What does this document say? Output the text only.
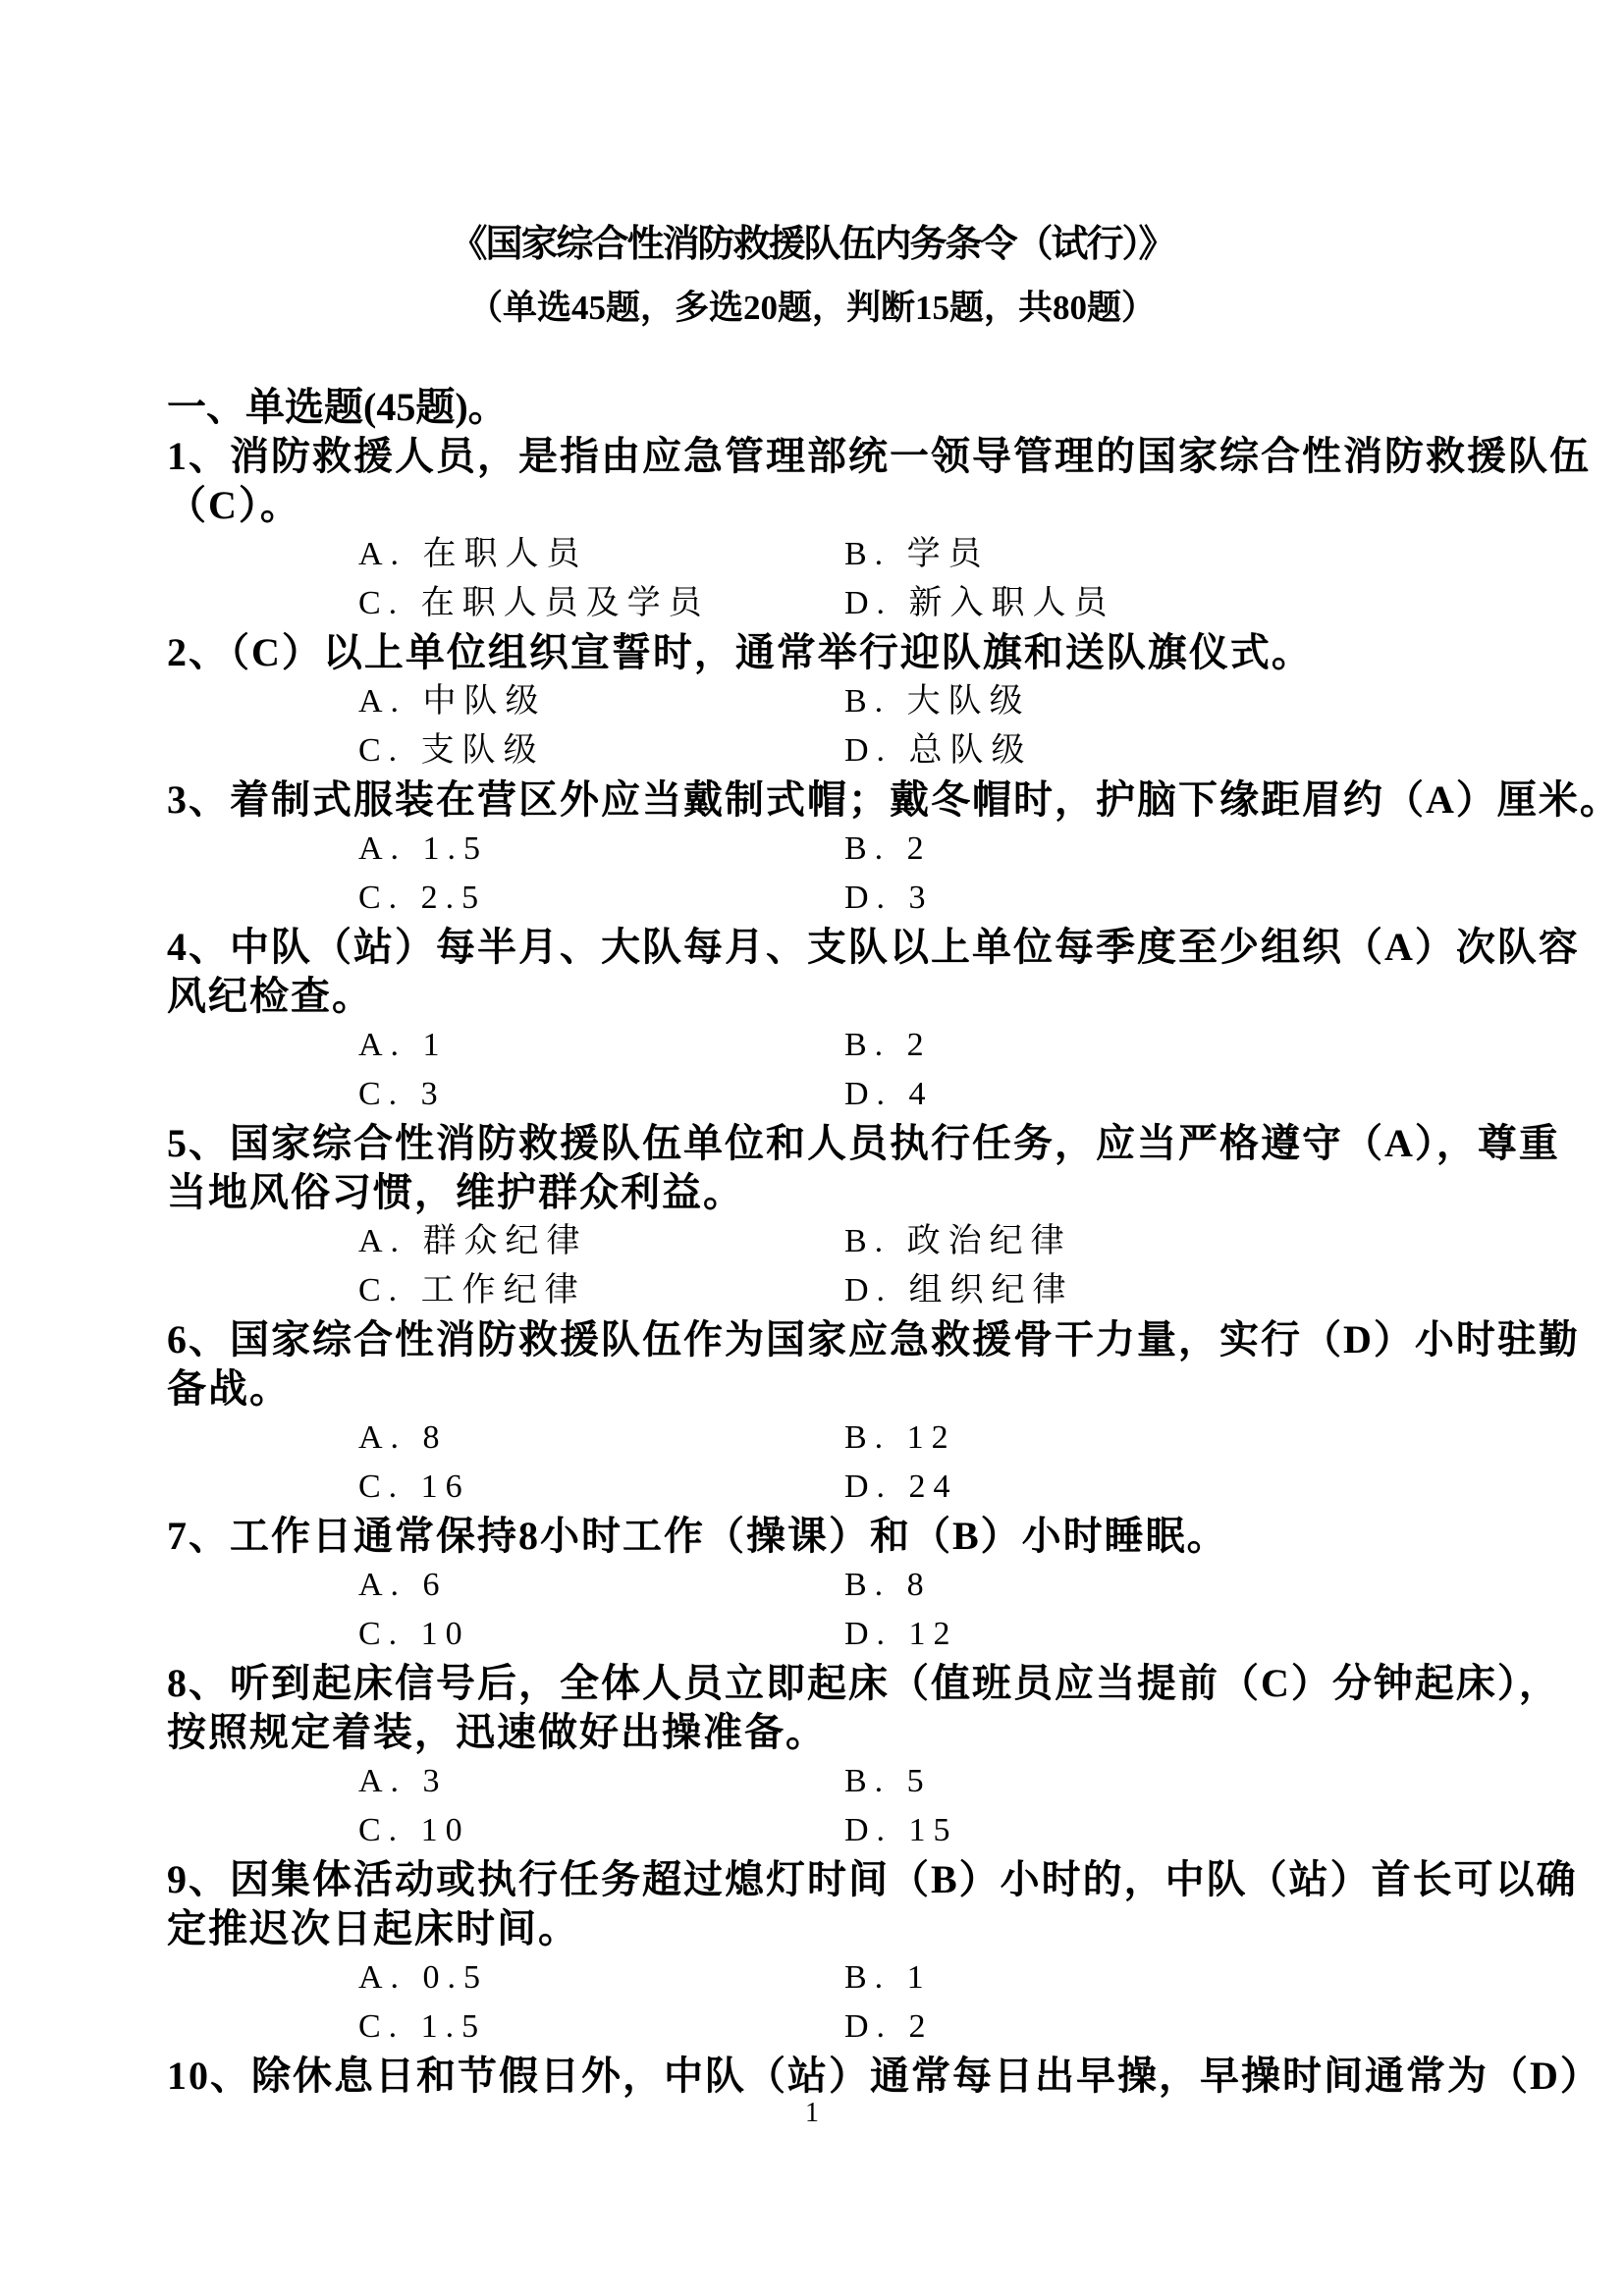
《国家综合性消防救援队伍内务条令（试行）》
（单选45题，多选20题，判断15题，共80题）
一、单选题(45题)。
1、消防救援人员，是指由应急管理部统一领导管理的国家综合性消防救援队伍
（C）。
A. 在职人员	B. 学员
C. 在职人员及学员	D. 新入职人员
2、（C）以上单位组织宣誓时，通常举行迎队旗和送队旗仪式。
A. 中队级	B. 大队级
C. 支队级	D. 总队级
3、着制式服装在营区外应当戴制式帽；戴冬帽时，护脑下缘距眉约（A）厘米。
A. 1.5	B. 2
C. 2.5	D. 3
4、中队（站）每半月、大队每月、支队以上单位每季度至少组织（A）次队容
风纪检查。
A. 1	B. 2
C. 3	D. 4
5、国家综合性消防救援队伍单位和人员执行任务，应当严格遵守（A），尊重
当地风俗习惯，维护群众利益。
A. 群众纪律	B. 政治纪律
C. 工作纪律	D. 组织纪律
6、国家综合性消防救援队伍作为国家应急救援骨干力量，实行（D）小时驻勤
备战。
A. 8	B. 12
C. 16	D. 24
7、工作日通常保持8小时工作（操课）和（B）小时睡眠。
A. 6	B. 8
C. 10	D. 12
8、听到起床信号后，全体人员立即起床（值班员应当提前（C）分钟起床），
按照规定着装，迅速做好出操准备。
A. 3	B. 5
C. 10	D. 15
9、因集体活动或执行任务超过熄灯时间（B）小时的，中队（站）首长可以确
定推迟次日起床时间。
A. 0.5	B. 1
C. 1.5	D. 2
10、除休息日和节假日外，中队（站）通常每日出早操，早操时间通常为（D）
1
